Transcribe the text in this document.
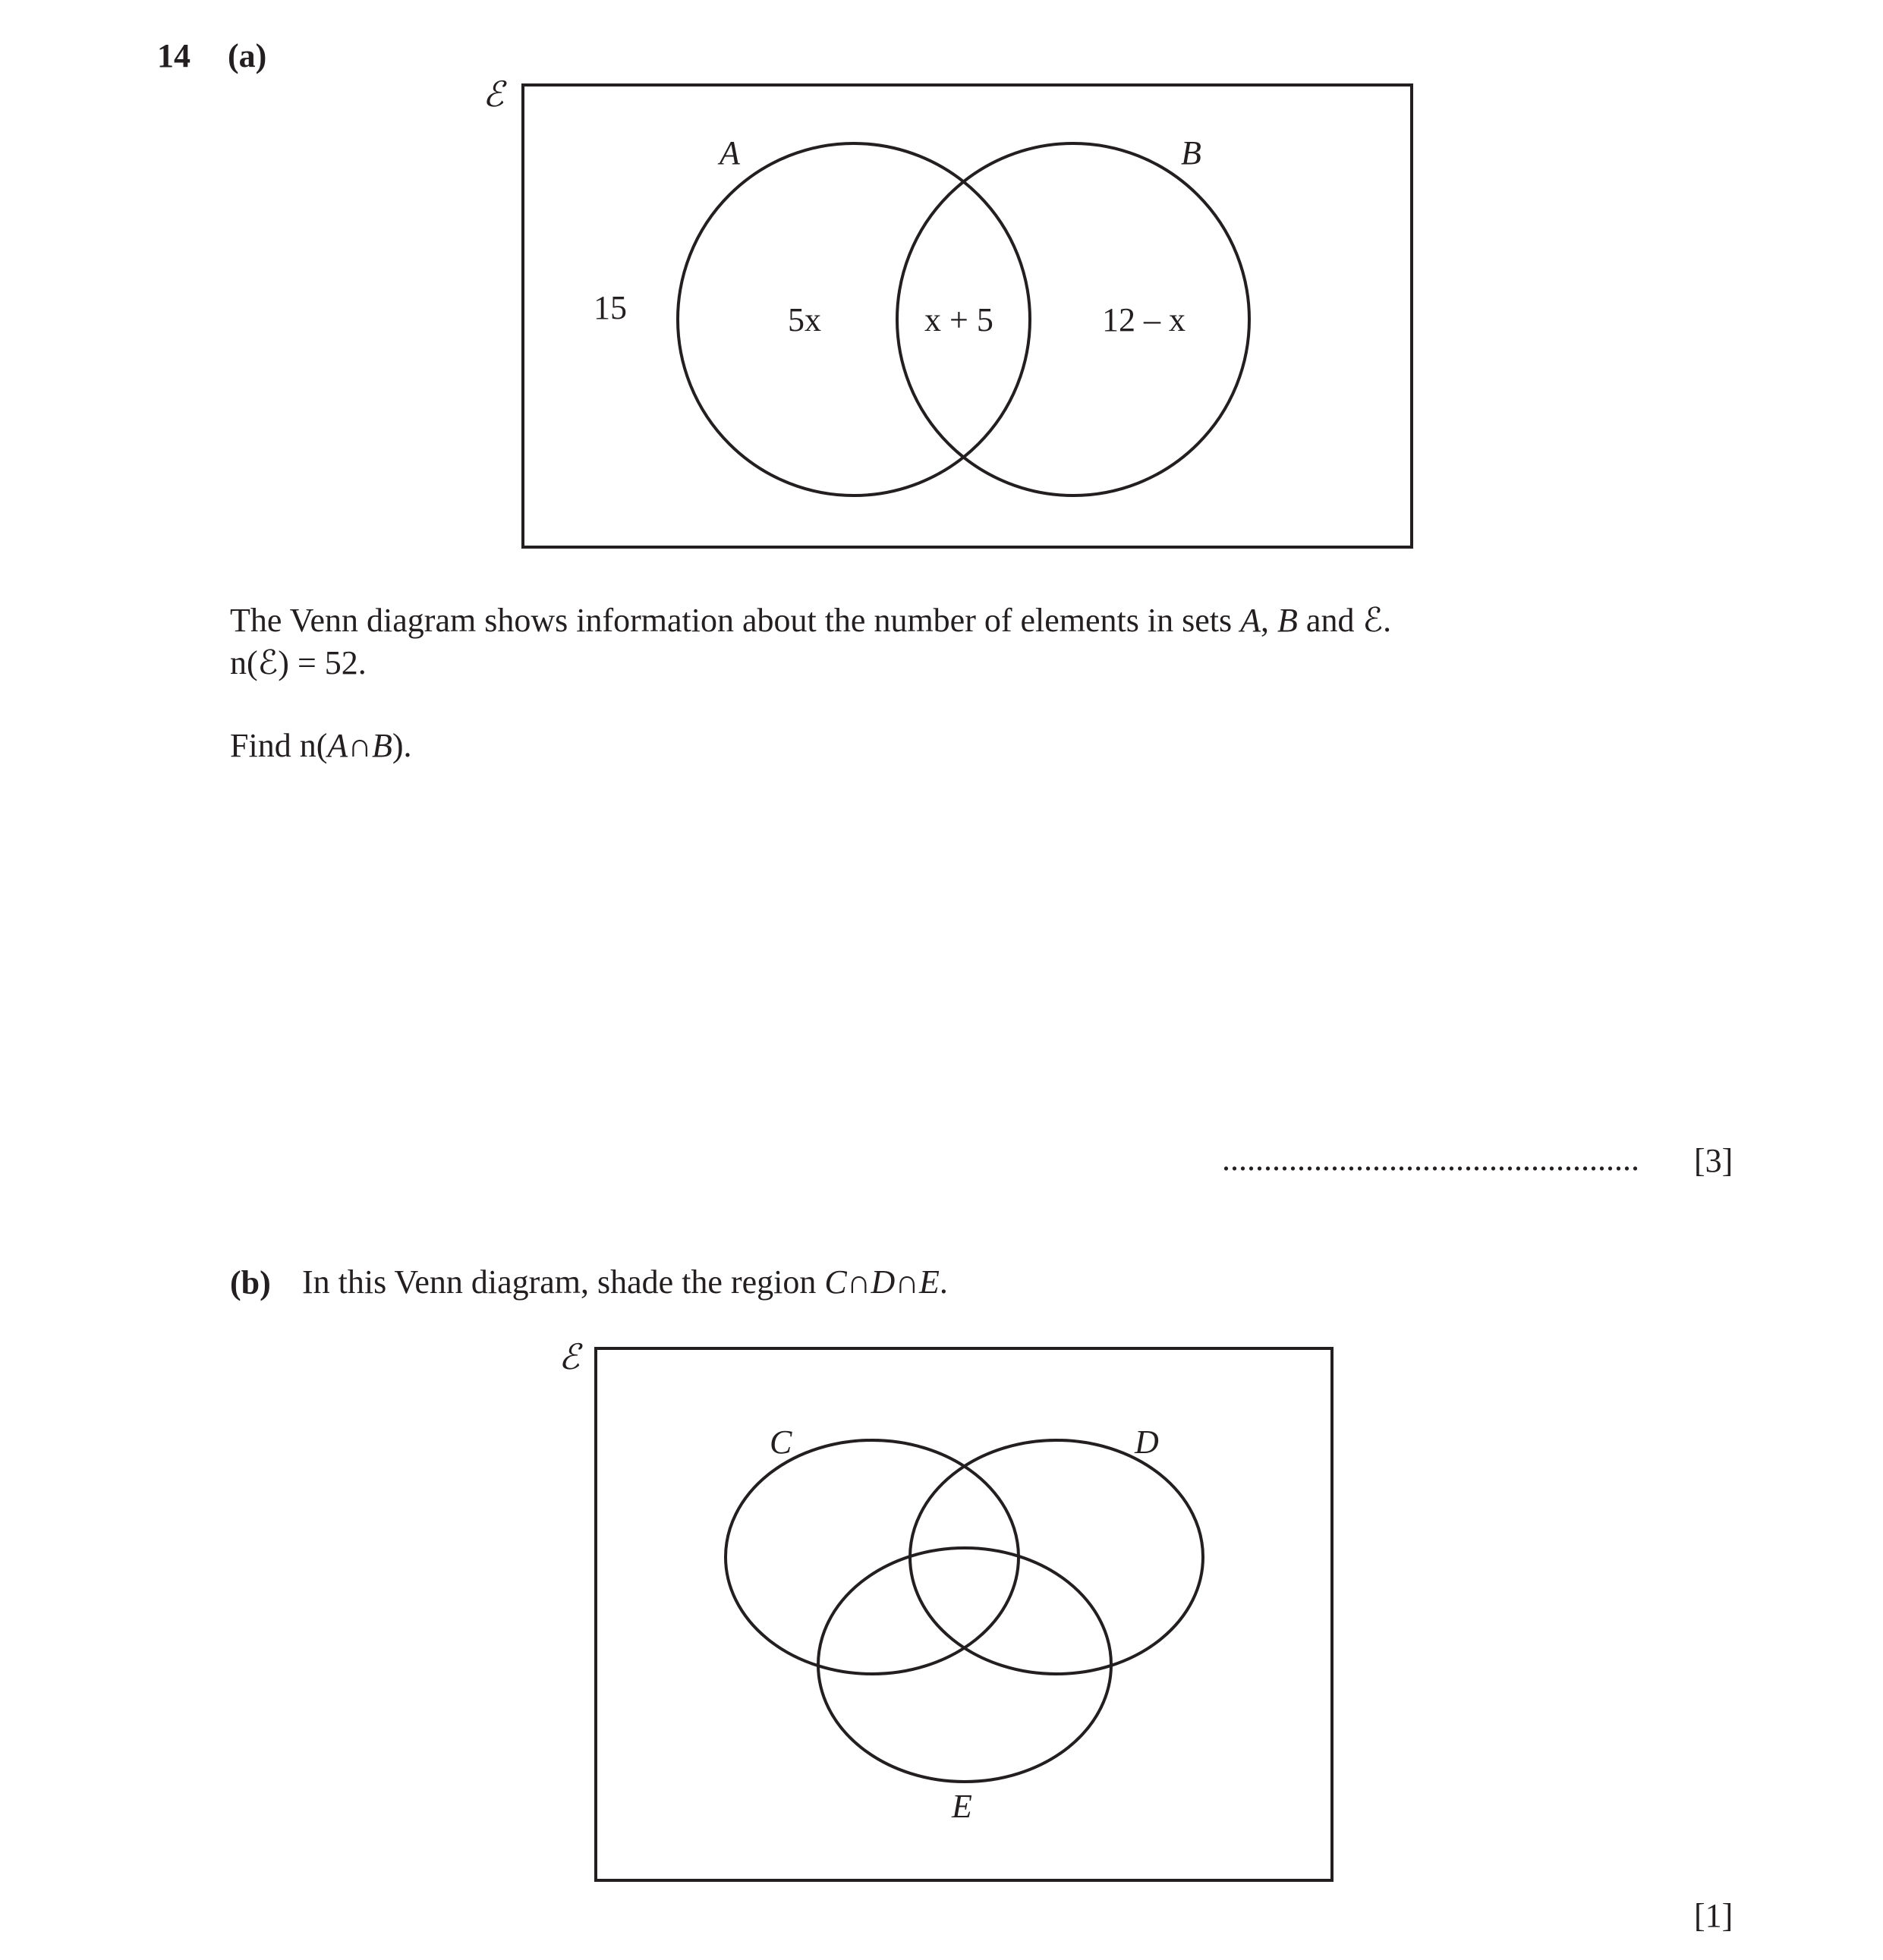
14 (a)
ℰ
A	B
15	5x	x + 5	12 – x
The Venn diagram shows information about the number of elements in sets A, B and ℰ.
n(ℰ) = 52.
Find n(A∩B).
.................................................. [3]
(b) In this Venn diagram, shade the region C∩D∩E.
ℰ
C	D
E
[1]
